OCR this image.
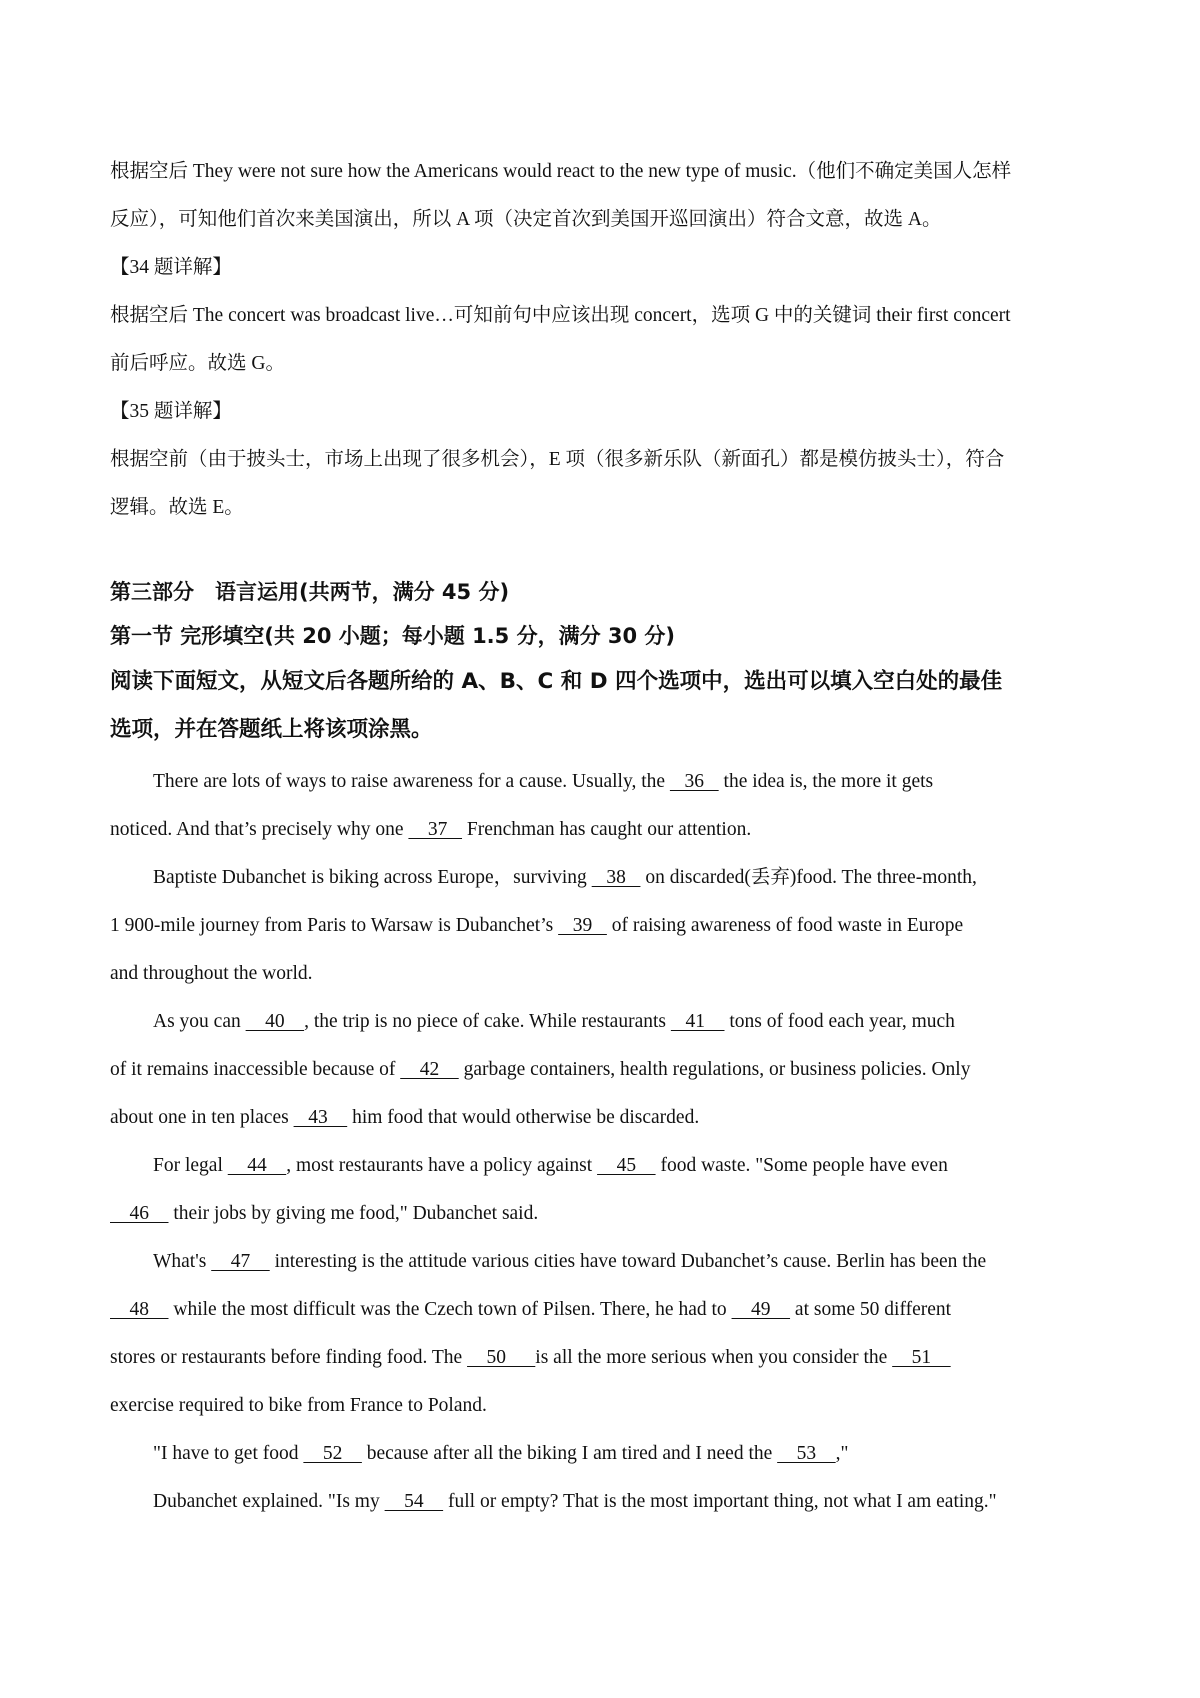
根据空后 They were not sure how the Americans would react to the new type of music.（他们不确定美国人怎样
反应），可知他们首次来美国演出，所以 A 项（决定首次到美国开巡回演出）符合文意，故选 A。
【34 题详解】
根据空后 The concert was broadcast live…可知前句中应该出现 concert，选项 G 中的关键词 their first concert
前后呼应。故选 G。
【35 题详解】
根据空前（由于披头士，市场上出现了很多机会），E 项（很多新乐队（新面孔）都是模仿披头士），符合
逻辑。故选 E。
第三部分　语言运用(共两节，满分 45 分)
第一节 完形填空(共 20 小题；每小题 1.5 分，满分 30 分)
阅读下面短文，从短文后各题所给的 A、B、C 和 D 四个选项中，选出可以填入空白处的最佳
选项，并在答题纸上将该项涂黑。
There are lots of ways to raise awareness for a cause. Usually, the    36    the idea is, the more it gets
noticed. And that’s precisely why one     37    Frenchman has caught our attention.
Baptiste Dubanchet is biking across Europe，surviving    38    on discarded(丢弃)food. The three-month,
1 900-mile journey from Paris to Warsaw is Dubanchet’s    39    of raising awareness of food waste in Europe
and throughout the world.
As you can     40    , the trip is no piece of cake. While restaurants    41     tons of food each year, much
of it remains inaccessible because of     42     garbage containers, health regulations, or business policies. Only
about one in ten places    43     him food that would otherwise be discarded.
For legal     44    , most restaurants have a policy against     45     food waste. "Some people have even
46     their jobs by giving me food," Dubanchet said.
What's     47     interesting is the attitude various cities have toward Dubanchet’s cause. Berlin has been the
48     while the most difficult was the Czech town of Pilsen. There, he had to     49     at some 50 different
stores or restaurants before finding food. The     50      is all the more serious when you consider the     51
exercise required to bike from France to Poland.
"I have to get food     52     because after all the biking I am tired and I need the     53    ,"
Dubanchet explained. "Is my     54     full or empty? That is the most important thing, not what I am eating."
